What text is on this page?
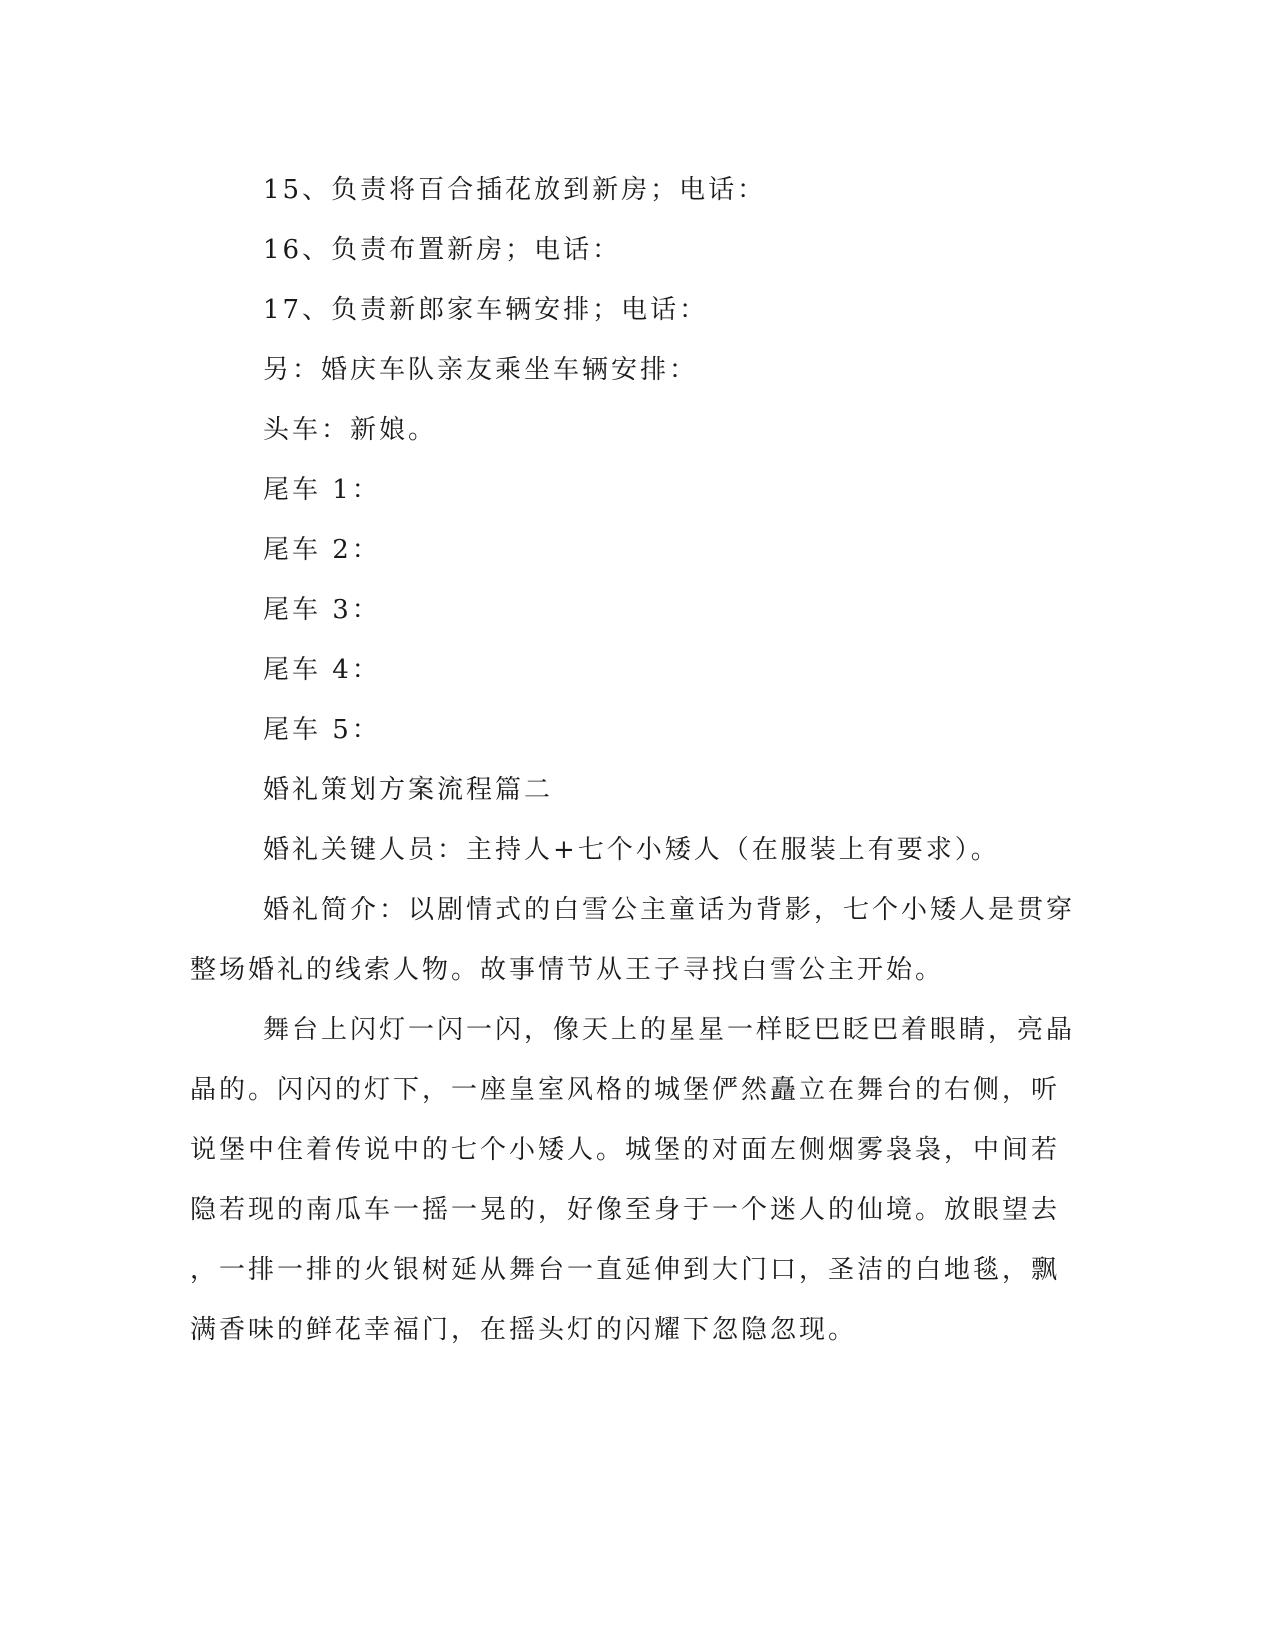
15、负责将百合插花放到新房；电话：
16、负责布置新房；电话：
17、负责新郎家车辆安排；电话：
另：婚庆车队亲友乘坐车辆安排：
头车：新娘。
尾车 1：
尾车 2：
尾车 3：
尾车 4：
尾车 5：
婚礼策划方案流程篇二
婚礼关键人员：主持人+七个小矮人（在服装上有要求）。
婚礼简介：以剧情式的白雪公主童话为背影，七个小矮人是贯穿
整场婚礼的线索人物。故事情节从王子寻找白雪公主开始。
舞台上闪灯一闪一闪，像天上的星星一样眨巴眨巴着眼睛，亮晶
晶的。闪闪的灯下，一座皇室风格的城堡俨然矗立在舞台的右侧，听
说堡中住着传说中的七个小矮人。城堡的对面左侧烟雾袅袅，中间若
隐若现的南瓜车一摇一晃的，好像至身于一个迷人的仙境。放眼望去
，一排一排的火银树延从舞台一直延伸到大门口，圣洁的白地毯，飘
满香味的鲜花幸福门，在摇头灯的闪耀下忽隐忽现。
